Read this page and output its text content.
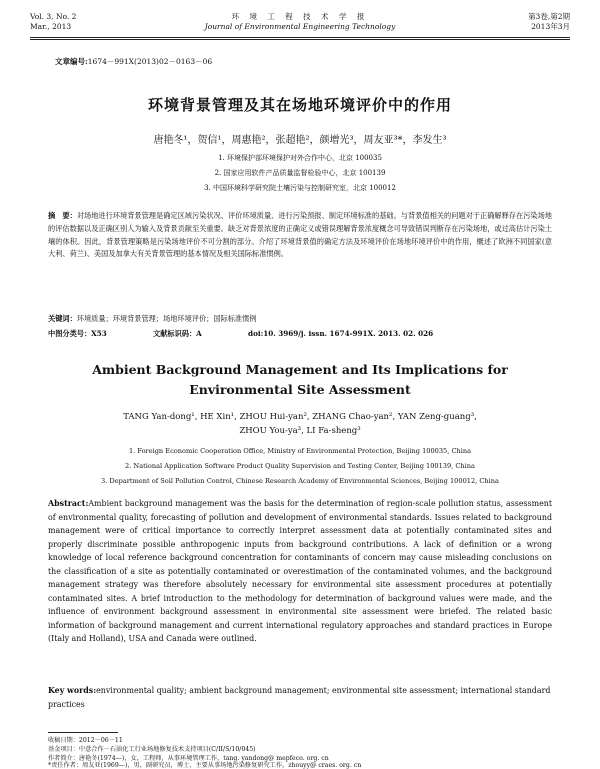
Vol. 3, No. 2
Mar., 2013
环 境 工 程 技 术 学 报
Journal of Environmental Engineering Technology
第3卷,第2期
2013年3月
文章编号:1674－991X(2013)02－0163－06
环境背景管理及其在场地环境评价中的作用
唐艳冬¹，贺信¹，周惠艳²，张超艳²，颜增光³，周友亚³*，李发生³
1. 环境保护部环境保护对外合作中心，北京 100035
2. 国家应用软件产品质量监督检验中心，北京 100139
3. 中国环境科学研究院土壤污染与控制研究室，北京 100012
摘　要：对场地进行环境背景管理是确定区域污染状况、评价环境质量、进行污染预报、制定环境标准的基础。与背景值相关的问题对于正确解释存在污染场地的评估数据以及正确区别人为输入及背景贡献至关重要。缺乏对背景浓度的正确定义或错误理解背景浓度概念可导致错误判断存在污染场地，或过高估计污染土壤的体积。因此，背景管理策略是污染场地评价不可分割的部分。介绍了环境背景值的确定方法及环境评价在场地环境评价中的作用，概述了欧洲不同国家(意大利、荷兰)、美国及加拿大有关背景管理的基本情况及相关国际标准惯例。
关键词：环境质量；环境背景管理；场地环境评价；国际标准惯例
中图分类号：X53	文献标识码：A	doi:10. 3969/j. issn. 1674-991X. 2013. 02. 026
Ambient Background Management and Its Implications for
Environmental Site Assessment
TANG Yan-dong¹, HE Xin¹, ZHOU Hui-yan², ZHANG Chao-yan², YAN Zeng-guang³,
ZHOU You-ya³, LI Fa-sheng³
1. Foreign Economic Cooperation Office, Ministry of Environmental Protection, Beijing 100035, China
2. National Application Software Product Quality Supervision and Testing Center, Beijing 100139, China
3. Department of Soil Pollution Control, Chinese Research Academy of Environmental Sciences, Beijing 100012, China
Abstract:Ambient background management was the basis for the determination of region-scale pollution status, assessment of environmental quality, forecasting of pollution and development of environmental standards. Issues related to background management were of critical importance to correctly interpret assessment data at potentially contaminated sites and properly discriminate possible anthropogenic inputs from background contributions. A lack of definition or a wrong knowledge of local reference background concentration for contaminants of concern may cause misleading conclusions on the classification of a site as potentially contaminated or overestimation of the contaminated volumes, and the background management strategy was therefore absolutely necessary for environmental site assessment procedures at potentially contaminated sites. A brief introduction to the methodology for determination of background values were made, and the influence of environment background assessment in environmental site assessment were briefed. The related basic information of background management and current international regulatory approaches and standard practices in Europe (Italy and Holland), USA and Canada were outlined.
Key words:environmental quality; ambient background management; environmental site assessment; international standard practices
收稿日期：2012－06－11
基金项目：中意合作－石油化工行业场地修复技术支持项目(C/II/S/10/045)
作者简介：唐艳冬(1974—)，女，工程师，从事环境管理工作，tang. yandong@ mepfeco. org. cn
*责任作者：周友亚(1969—)，男，副研究员，博士，主要从事场地污染修复研究工作，zhouyy@ craes. org. cn
